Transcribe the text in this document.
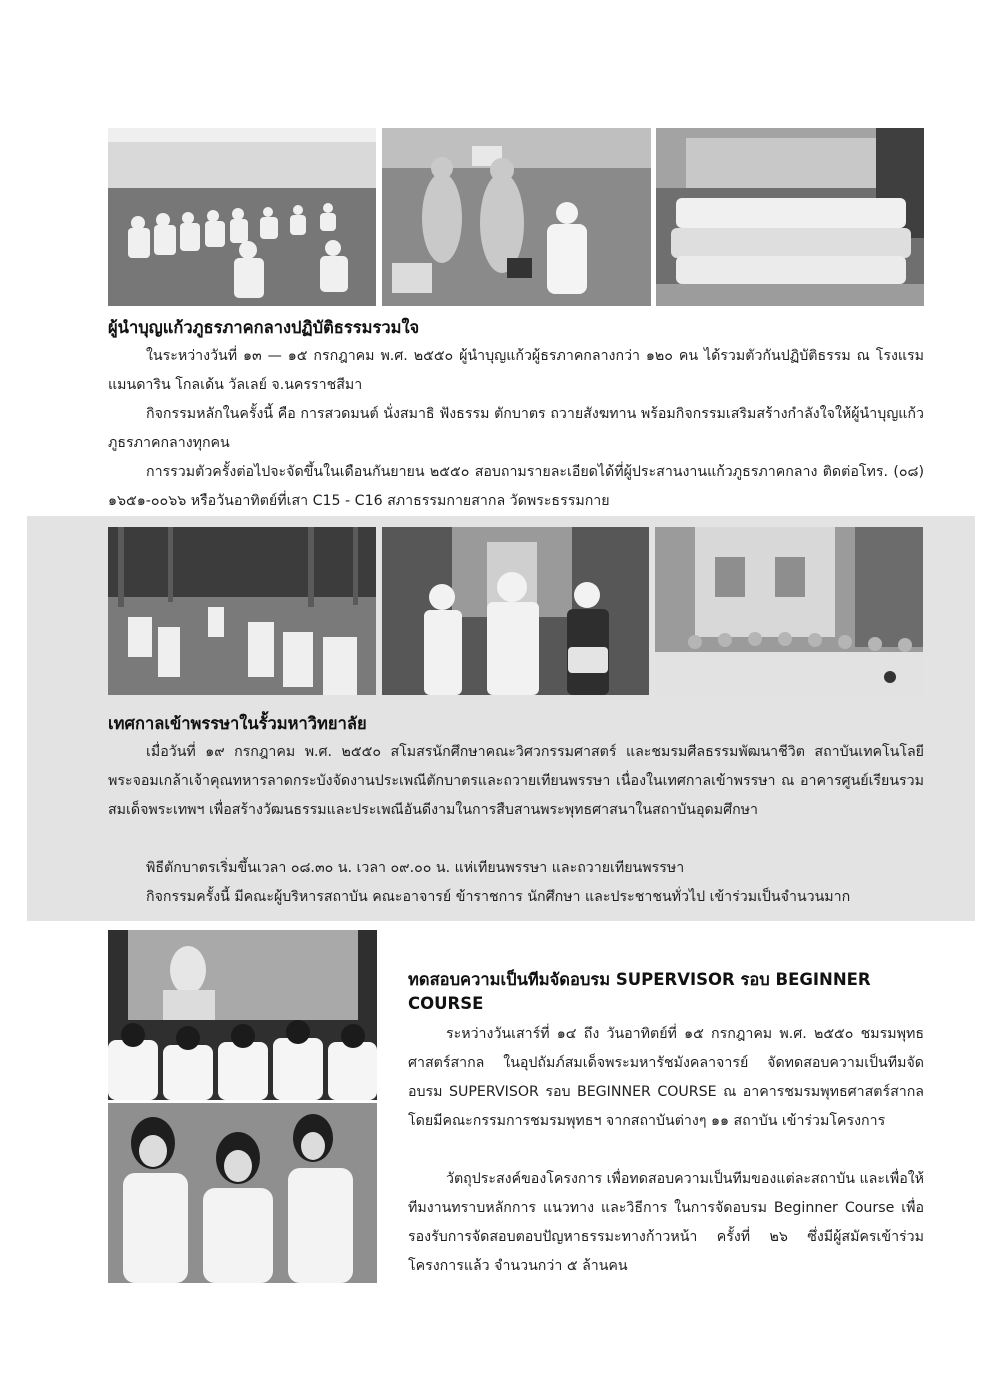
ผู้นำบุญแก้วภูธรภาคกลางปฏิบัติธรรมรวมใจ

ในระหว่างวันที่ ๑๓ — ๑๕ กรกฎาคม พ.ศ. ๒๕๕๐ ผู้นำบุญแก้วผู้ธรภาคกลางกว่า ๑๒๐ คน ได้รวมตัวกันปฏิบัติธรรม ณ โรงแรมแมนดาริน โกลเด้น วัลเลย์ จ.นครราชสีมา

กิจกรรมหลักในครั้งนี้ คือ การสวดมนต์ นั่งสมาธิ ฟังธรรม ตักบาตร ถวายสังฆทาน พร้อมกิจกรรมเสริมสร้างกำลังใจให้ผู้นำบุญแก้วภูธรภาคกลางทุกคน

การรวมตัวครั้งต่อไปจะจัดขึ้นในเดือนกันยายน ๒๕๕๐ สอบถามรายละเอียดได้ที่ผู้ประสานงานแก้วภูธรภาคกลาง ติดต่อโทร. (๐๘) ๑๖๕๑-๐๐๖๖ หรือวันอาทิตย์ที่เสา C15 - C16 สภาธรรมกายสากล วัดพระธรรมกาย

เทศกาลเข้าพรรษาในรั้วมหาวิทยาลัย

เมื่อวันที่ ๑๙ กรกฎาคม พ.ศ. ๒๕๕๐ สโมสรนักศึกษาคณะวิศวกรรมศาสตร์ และชมรมศีลธรรมพัฒนาชีวิต สถาบันเทคโนโลยีพระจอมเกล้าเจ้าคุณทหารลาดกระบังจัดงานประเพณีตักบาตรและถวายเทียนพรรษา เนื่องในเทศกาลเข้าพรรษา ณ อาคารศูนย์เรียนรวมสมเด็จพระเทพฯ เพื่อสร้างวัฒนธรรมและประเพณีอันดีงามในการสืบสานพระพุทธศาสนาในสถาบันอุดมศึกษา

พิธีตักบาตรเริ่มขึ้นเวลา ๐๘.๓๐ น. เวลา ๐๙.๐๐ น. แห่เทียนพรรษา และถวายเทียนพรรษา

กิจกรรมครั้งนี้ มีคณะผู้บริหารสถาบัน คณะอาจารย์ ข้าราชการ นักศึกษา และประชาชนทั่วไป เข้าร่วมเป็นจำนวนมาก

ทดสอบความเป็นทีมจัดอบรม SUPERVISOR รอบ BEGINNER COURSE

ระหว่างวันเสาร์ที่ ๑๔ ถึง วันอาทิตย์ที่ ๑๕ กรกฎาคม พ.ศ. ๒๕๕๐ ชมรมพุทธศาสตร์สากล ในอุปถัมภ์สมเด็จพระมหารัชมังคลาจารย์ จัดทดสอบความเป็นทีมจัดอบรม SUPERVISOR รอบ BEGINNER COURSE ณ อาคารชมรมพุทธศาสตร์สากล โดยมีคณะกรรมการชมรมพุทธฯ จากสถาบันต่างๆ ๑๑ สถาบัน เข้าร่วมโครงการ

วัตถุประสงค์ของโครงการ เพื่อทดสอบความเป็นทีมของแต่ละสถาบัน และเพื่อให้ทีมงานทราบหลักการ แนวทาง และวิธีการ ในการจัดอบรม Beginner Course เพื่อรองรับการจัดสอบตอบปัญหาธรรมะทางก้าวหน้า ครั้งที่ ๒๖ ซึ่งมีผู้สมัครเข้าร่วมโครงการแล้ว จำนวนกว่า ๕ ล้านคน
